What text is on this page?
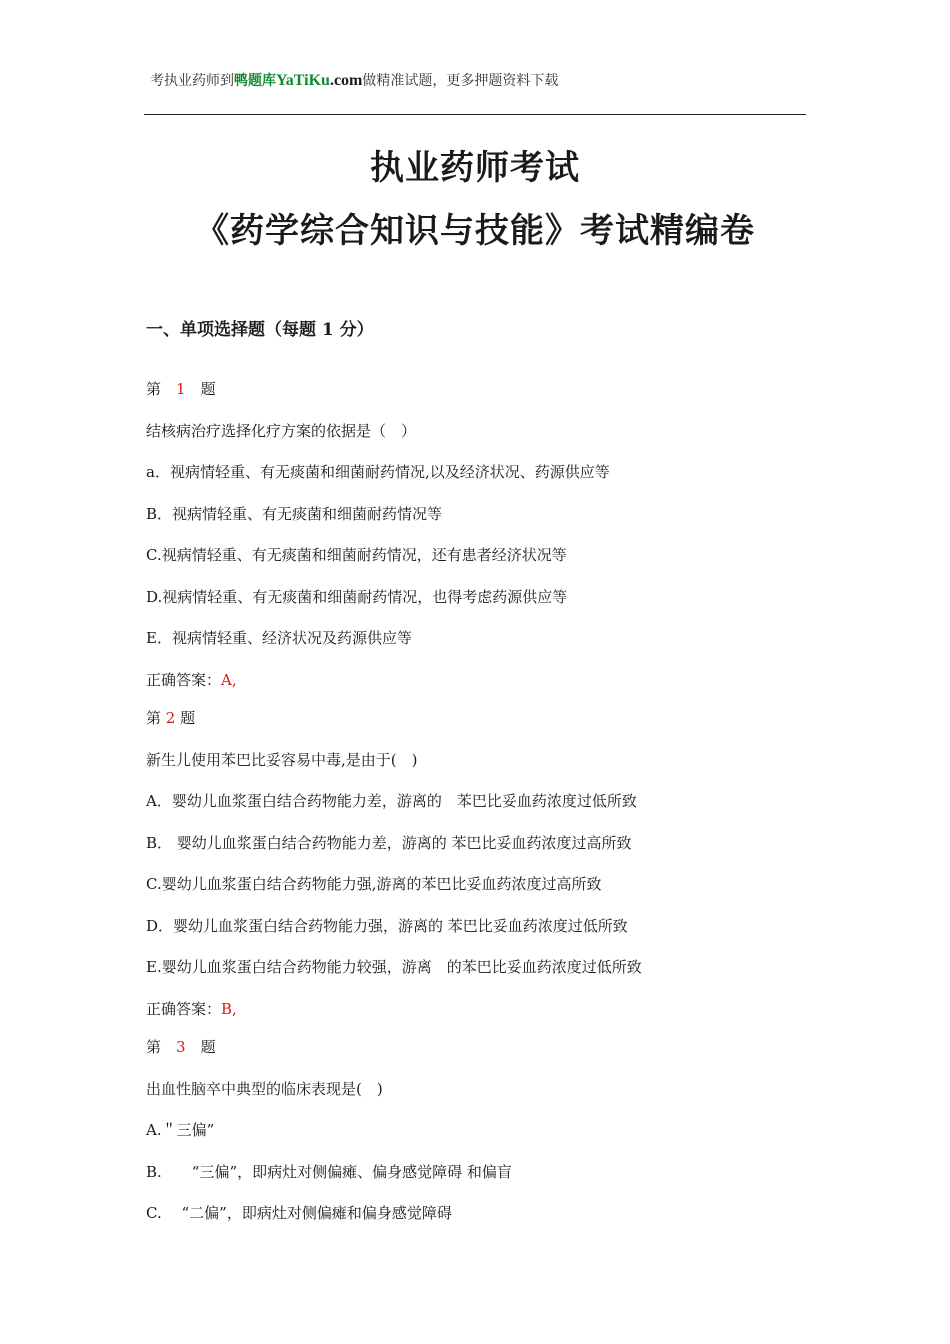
考执业药师到鸭题库YaTiKu.com做精准试题，更多押题资料下载
执业药师考试
《药学综合知识与技能》考试精编卷
一、单项选择题（每题 1 分）
第　1　题
结核病治疗选择化疗方案的依据是（　）
a．视病情轻重、有无痰菌和细菌耐药情况,以及经济状况、药源供应等
B．视病情轻重、有无痰菌和细菌耐药情况等
C.视病情轻重、有无痰菌和细菌耐药情况，还有患者经济状况等
D.视病情轻重、有无痰菌和细菌耐药情况，也得考虑药源供应等
E．视病情轻重、经济状况及药源供应等
正确答案：A,
第 2 题
新生儿使用苯巴比妥容易中毒,是由于(　)
A．婴幼儿血浆蛋白结合药物能力差，游离的　苯巴比妥血药浓度过低所致
B． 婴幼儿血浆蛋白结合药物能力差，游离的 苯巴比妥血药浓度过高所致
C.婴幼儿血浆蛋白结合药物能力强,游离的苯巴比妥血药浓度过高所致
D．婴幼儿血浆蛋白结合药物能力强，游离的 苯巴比妥血药浓度过低所致
E.婴幼儿血浆蛋白结合药物能力较强，游离　的苯巴比妥血药浓度过低所致
正确答案：B,
第　3　题
出血性脑卒中典型的临床表现是(　)
A.＂三偏”
B.　　“三偏”，即病灶对侧偏瘫、偏身感觉障碍 和偏盲
C.　 “二偏”，即病灶对侧偏瘫和偏身感觉障碍
